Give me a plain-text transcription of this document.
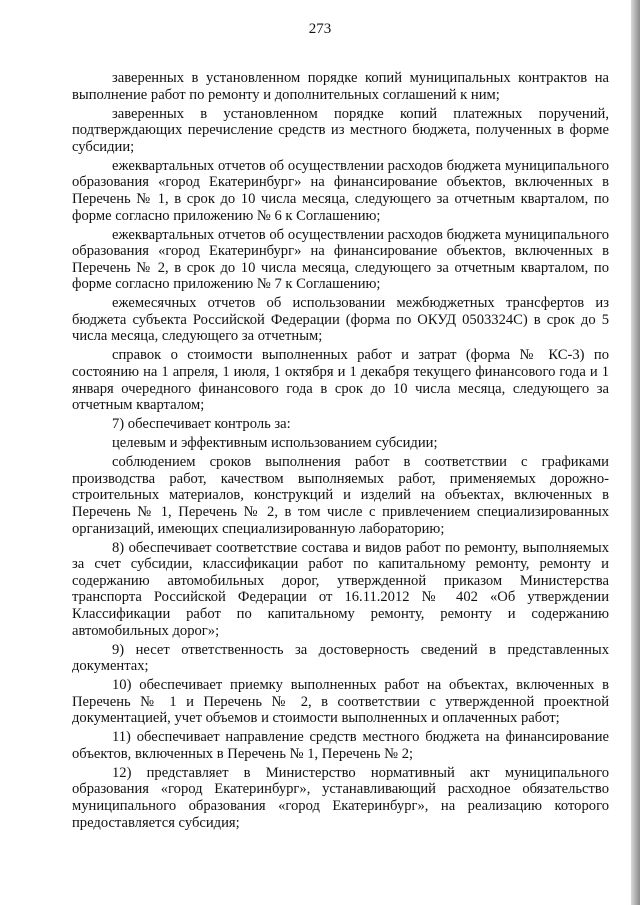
273

заверенных в установленном порядке копий муниципальных контрактов на выполнение работ по ремонту и дополнительных соглашений к ним;

заверенных в установленном порядке копий платежных поручений, подтверждающих перечисление средств из местного бюджета, полученных в форме субсидии;

ежеквартальных отчетов об осуществлении расходов бюджета муниципального образования «город Екатеринбург» на финансирование объектов, включенных в Перечень № 1, в срок до 10 числа месяца, следующего за отчетным кварталом, по форме согласно приложению № 6 к Соглашению;

ежеквартальных отчетов об осуществлении расходов бюджета муниципального образования «город Екатеринбург» на финансирование объектов, включенных в Перечень № 2, в срок до 10 числа месяца, следующего за отчетным кварталом, по форме согласно приложению № 7 к Соглашению;

ежемесячных отчетов об использовании межбюджетных трансфертов из бюджета субъекта Российской Федерации (форма по ОКУД 0503324С) в срок до 5 числа месяца, следующего за отчетным;

справок о стоимости выполненных работ и затрат (форма № КС-3) по состоянию на 1 апреля, 1 июля, 1 октября и 1 декабря текущего финансового года и 1 января очередного финансового года в срок до 10 числа месяца, следующего за отчетным кварталом;

7) обеспечивает контроль за:

целевым и эффективным использованием субсидии;

соблюдением сроков выполнения работ в соответствии с графиками производства работ, качеством выполняемых работ, применяемых дорожно-строительных материалов, конструкций и изделий на объектах, включенных в Перечень № 1, Перечень № 2, в том числе с привлечением специализированных организаций, имеющих специализированную лабораторию;

8) обеспечивает соответствие состава и видов работ по ремонту, выполняемых за счет субсидии, классификации работ по капитальному ремонту, ремонту и содержанию автомобильных дорог, утвержденной приказом Министерства транспорта Российской Федерации от 16.11.2012 № 402 «Об утверждении Классификации работ по капитальному ремонту, ремонту и содержанию автомобильных дорог»;

9) несет ответственность за достоверность сведений в представленных документах;

10) обеспечивает приемку выполненных работ на объектах, включенных в Перечень № 1 и Перечень № 2, в соответствии с утвержденной проектной документацией, учет объемов и стоимости выполненных и оплаченных работ;

11) обеспечивает направление средств местного бюджета на финансирование объектов, включенных в Перечень № 1, Перечень № 2;

12) представляет в Министерство нормативный акт муниципального образования «город Екатеринбург», устанавливающий расходное обязательство муниципального образования «город Екатеринбург», на реализацию которого предоставляется субсидия;
